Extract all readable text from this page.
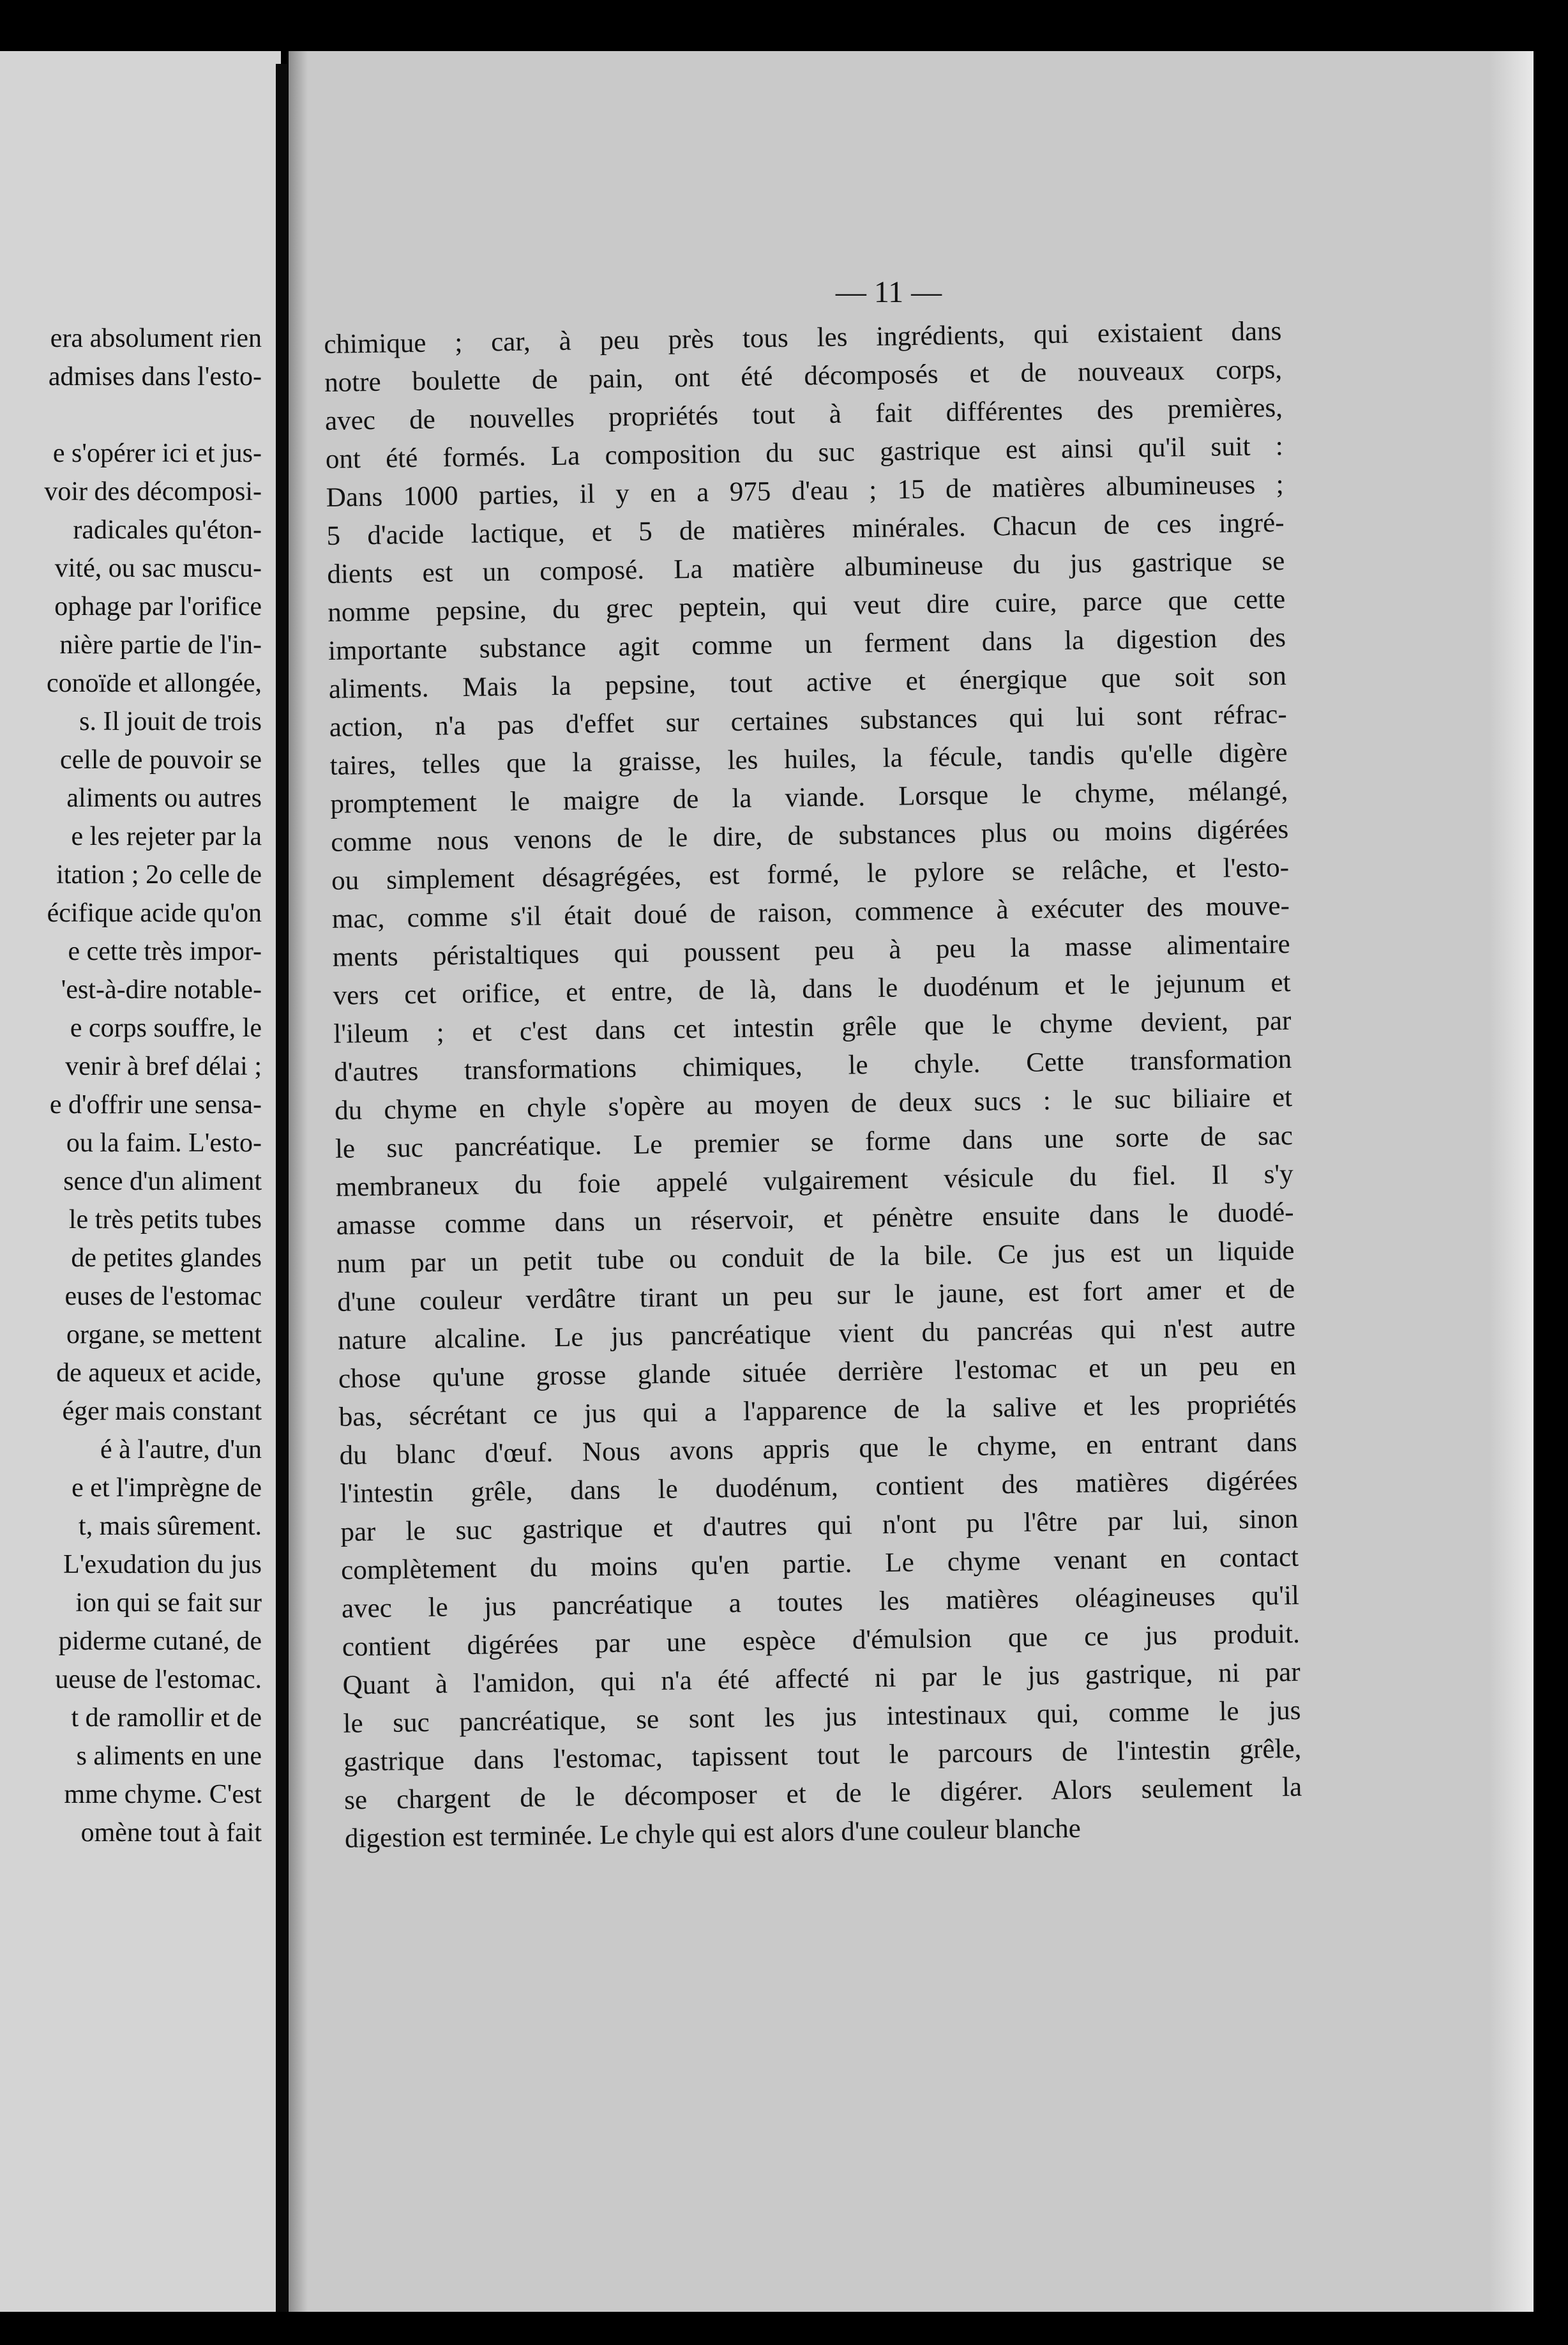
era absolument rien
admises dans l'esto-
e s'opérer ici et jus-
voir des décomposi-
radicales qu'éton-
vité, ou sac muscu-
ophage par l'orifice
nière partie de l'in-
conoïde et allongée,
s. Il jouit de trois
celle de pouvoir se
aliments ou autres
e les rejeter par la
itation ; 2o celle de
écifique acide qu'on
e cette très impor-
'est-à-dire notable-
e corps souffre, le
venir à bref délai ;
e d'offrir une sensa-
ou la faim. L'esto-
sence d'un aliment
le très petits tubes
de petites glandes
euses de l'estomac
organe, se mettent
de aqueux et acide,
éger mais constant
é à l'autre, d'un
e et l'imprègne de
t, mais sûrement.
L'exudation du jus
ion qui se fait sur
piderme cutané, de
ueuse de l'estomac.
t de ramollir et de
s aliments en une
mme chyme. C'est
omène tout à fait
— 11 —
chimique ; car, à peu près tous les ingrédients, qui existaient dans
notre boulette de pain, ont été décomposés et de nouveaux corps,
avec de nouvelles propriétés tout à fait différentes des premières,
ont été formés. La composition du suc gastrique est ainsi qu'il suit :
Dans 1000 parties, il y en a 975 d'eau ; 15 de matières albumineuses ;
5 d'acide lactique, et 5 de matières minérales. Chacun de ces ingré-
dients est un composé. La matière albumineuse du jus gastrique se
nomme pepsine, du grec peptein, qui veut dire cuire, parce que cette
importante substance agit comme un ferment dans la digestion des
aliments. Mais la pepsine, tout active et énergique que soit son
action, n'a pas d'effet sur certaines substances qui lui sont réfrac-
taires, telles que la graisse, les huiles, la fécule, tandis qu'elle digère
promptement le maigre de la viande. Lorsque le chyme, mélangé,
comme nous venons de le dire, de substances plus ou moins digérées
ou simplement désagrégées, est formé, le pylore se relâche, et l'esto-
mac, comme s'il était doué de raison, commence à exécuter des mouve-
ments péristaltiques qui poussent peu à peu la masse alimentaire
vers cet orifice, et entre, de là, dans le duodénum et le jejunum et
l'ileum ; et c'est dans cet intestin grêle que le chyme devient, par
d'autres transformations chimiques, le chyle. Cette transformation
du chyme en chyle s'opère au moyen de deux sucs : le suc biliaire et
le suc pancréatique. Le premier se forme dans une sorte de sac
membraneux du foie appelé vulgairement vésicule du fiel. Il s'y
amasse comme dans un réservoir, et pénètre ensuite dans le duodé-
num par un petit tube ou conduit de la bile. Ce jus est un liquide
d'une couleur verdâtre tirant un peu sur le jaune, est fort amer et de
nature alcaline. Le jus pancréatique vient du pancréas qui n'est autre
chose qu'une grosse glande située derrière l'estomac et un peu en
bas, sécrétant ce jus qui a l'apparence de la salive et les propriétés
du blanc d'œuf. Nous avons appris que le chyme, en entrant dans
l'intestin grêle, dans le duodénum, contient des matières digérées
par le suc gastrique et d'autres qui n'ont pu l'être par lui, sinon
complètement du moins qu'en partie. Le chyme venant en contact
avec le jus pancréatique a toutes les matières oléagineuses qu'il
contient digérées par une espèce d'émulsion que ce jus produit.
Quant à l'amidon, qui n'a été affecté ni par le jus gastrique, ni par
le suc pancréatique, se sont les jus intestinaux qui, comme le jus
gastrique dans l'estomac, tapissent tout le parcours de l'intestin grêle,
se chargent de le décomposer et de le digérer. Alors seulement la
digestion est terminée. Le chyle qui est alors d'une couleur blanche
